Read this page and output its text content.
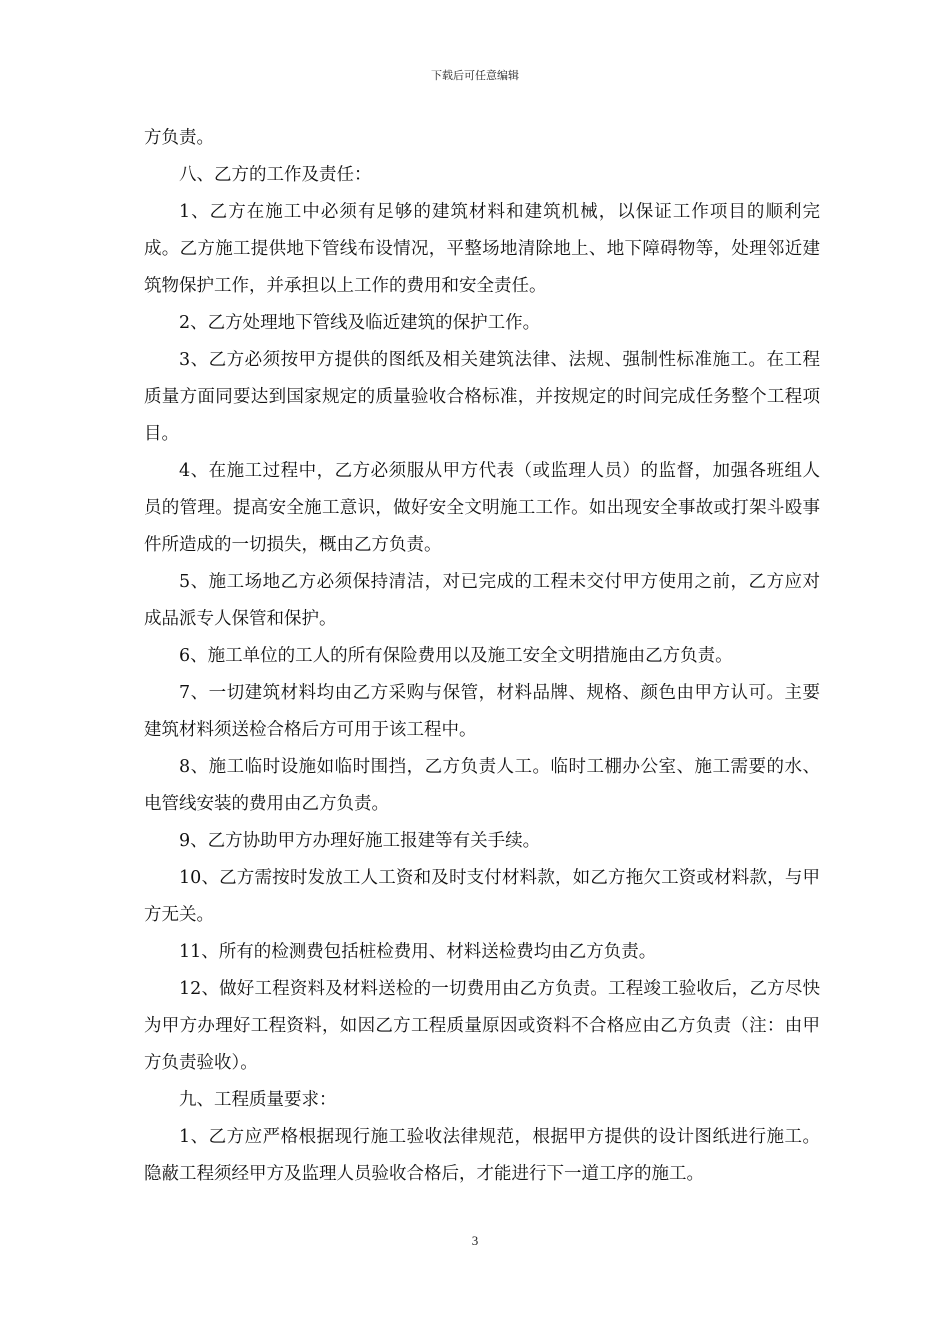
下载后可任意编辑

方负责。

八、乙方的工作及责任：

1、乙方在施工中必须有足够的建筑材料和建筑机械，以保证工作项目的顺利完成。乙方施工提供地下管线布设情况，平整场地清除地上、地下障碍物等，处理邻近建筑物保护工作，并承担以上工作的费用和安全责任。

2、乙方处理地下管线及临近建筑的保护工作。

3、乙方必须按甲方提供的图纸及相关建筑法律、法规、强制性标准施工。在工程质量方面同要达到国家规定的质量验收合格标准，并按规定的时间完成任务整个工程项目。

4、在施工过程中，乙方必须服从甲方代表（或监理人员）的监督，加强各班组人员的管理。提高安全施工意识，做好安全文明施工工作。如出现安全事故或打架斗殴事件所造成的一切损失，概由乙方负责。

5、施工场地乙方必须保持清洁，对已完成的工程未交付甲方使用之前，乙方应对成品派专人保管和保护。

6、施工单位的工人的所有保险费用以及施工安全文明措施由乙方负责。

7、一切建筑材料均由乙方采购与保管，材料品牌、规格、颜色由甲方认可。主要建筑材料须送检合格后方可用于该工程中。

8、施工临时设施如临时围挡，乙方负责人工。临时工棚办公室、施工需要的水、电管线安装的费用由乙方负责。

9、乙方协助甲方办理好施工报建等有关手续。

10、乙方需按时发放工人工资和及时支付材料款，如乙方拖欠工资或材料款，与甲方无关。

11、所有的检测费包括桩检费用、材料送检费均由乙方负责。

12、做好工程资料及材料送检的一切费用由乙方负责。工程竣工验收后，乙方尽快为甲方办理好工程资料，如因乙方工程质量原因或资料不合格应由乙方负责（注：由甲方负责验收）。

九、工程质量要求：

1、乙方应严格根据现行施工验收法律规范，根据甲方提供的设计图纸进行施工。隐蔽工程须经甲方及监理人员验收合格后，才能进行下一道工序的施工。

3
